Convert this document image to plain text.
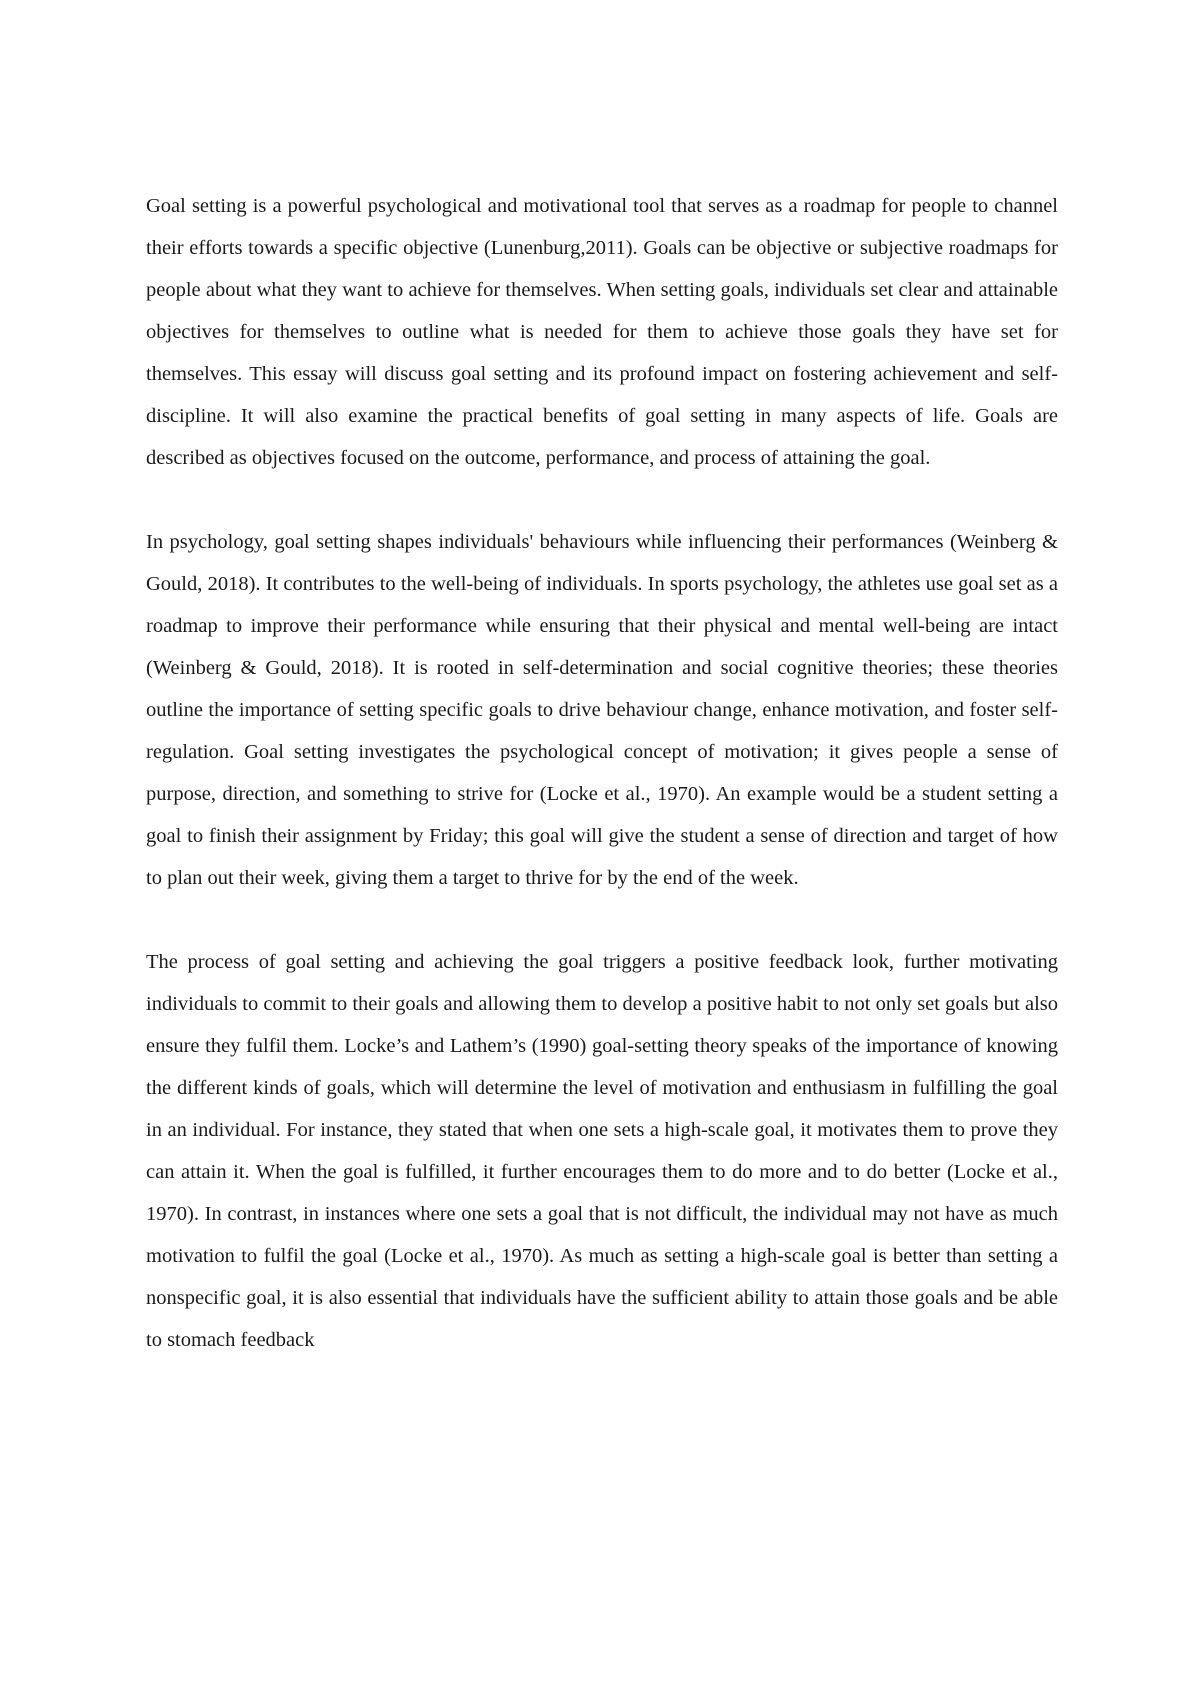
Goal setting is a powerful psychological and motivational tool that serves as a roadmap for people to channel their efforts towards a specific objective (Lunenburg,2011). Goals can be objective or subjective roadmaps for people about what they want to achieve for themselves. When setting goals, individuals set clear and attainable objectives for themselves to outline what is needed for them to achieve those goals they have set for themselves. This essay will discuss goal setting and its profound impact on fostering achievement and self-discipline. It will also examine the practical benefits of goal setting in many aspects of life. Goals are described as objectives focused on the outcome, performance, and process of attaining the goal.

In psychology, goal setting shapes individuals' behaviours while influencing their performances (Weinberg & Gould, 2018). It contributes to the well-being of individuals. In sports psychology, the athletes use goal set as a roadmap to improve their performance while ensuring that their physical and mental well-being are intact (Weinberg & Gould, 2018). It is rooted in self-determination and social cognitive theories; these theories outline the importance of setting specific goals to drive behaviour change, enhance motivation, and foster self-regulation. Goal setting investigates the psychological concept of motivation; it gives people a sense of purpose, direction, and something to strive for (Locke et al., 1970). An example would be a student setting a goal to finish their assignment by Friday; this goal will give the student a sense of direction and target of how to plan out their week, giving them a target to thrive for by the end of the week.

The process of goal setting and achieving the goal triggers a positive feedback look, further motivating individuals to commit to their goals and allowing them to develop a positive habit to not only set goals but also ensure they fulfil them. Locke’s and Lathem’s (1990) goal-setting theory speaks of the importance of knowing the different kinds of goals, which will determine the level of motivation and enthusiasm in fulfilling the goal in an individual. For instance, they stated that when one sets a high-scale goal, it motivates them to prove they can attain it. When the goal is fulfilled, it further encourages them to do more and to do better (Locke et al., 1970). In contrast, in instances where one sets a goal that is not difficult, the individual may not have as much motivation to fulfil the goal (Locke et al., 1970). As much as setting a high-scale goal is better than setting a nonspecific goal, it is also essential that individuals have the sufficient ability to attain those goals and be able to stomach feedback
